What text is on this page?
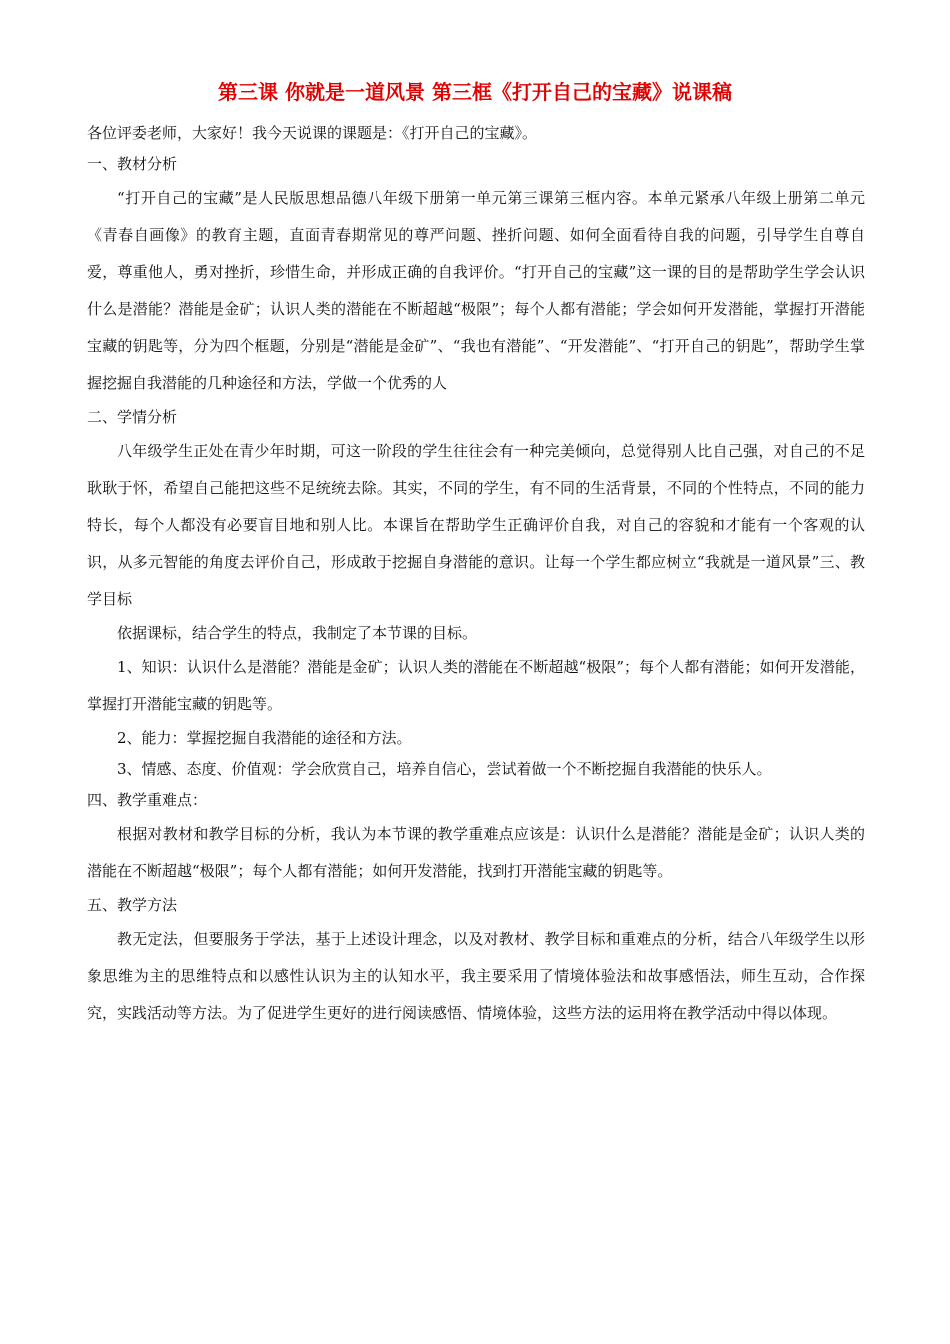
第三课 你就是一道风景 第三框《打开自己的宝藏》说课稿

各位评委老师，大家好！我今天说课的课题是：《打开自己的宝藏》。

一、教材分析

“打开自己的宝藏”是人民版思想品德八年级下册第一单元第三课第三框内容。本单元紧承八年级上册第二单元《青春自画像》的教育主题，直面青春期常见的尊严问题、挫折问题、如何全面看待自我的问题，引导学生自尊自爱，尊重他人，勇对挫折，珍惜生命，并形成正确的自我评价。“打开自己的宝藏”这一课的目的是帮助学生学会认识什么是潜能？潜能是金矿；认识人类的潜能在不断超越“极限”；每个人都有潜能；学会如何开发潜能，掌握打开潜能宝藏的钥匙等，分为四个框题，分别是“潜能是金矿”、“我也有潜能”、“开发潜能”、“打开自己的钥匙”，帮助学生掌握挖掘自我潜能的几种途径和方法，学做一个优秀的人

二、学情分析

八年级学生正处在青少年时期，可这一阶段的学生往往会有一种完美倾向，总觉得别人比自己强，对自己的不足耿耿于怀，希望自己能把这些不足统统去除。其实，不同的学生，有不同的生活背景，不同的个性特点，不同的能力特长，每个人都没有必要盲目地和别人比。本课旨在帮助学生正确评价自我，对自己的容貌和才能有一个客观的认识，从多元智能的角度去评价自己，形成敢于挖掘自身潜能的意识。让每一个学生都应树立“我就是一道风景”三、教学目标

依据课标，结合学生的特点，我制定了本节课的目标。

1、知识：认识什么是潜能？潜能是金矿；认识人类的潜能在不断超越“极限”；每个人都有潜能；如何开发潜能，掌握打开潜能宝藏的钥匙等。

2、能力：掌握挖掘自我潜能的途径和方法。

3、情感、态度、价值观：学会欣赏自己，培养自信心，尝试着做一个不断挖掘自我潜能的快乐人。

四、教学重难点：

根据对教材和教学目标的分析，我认为本节课的教学重难点应该是：认识什么是潜能？潜能是金矿；认识人类的潜能在不断超越“极限”；每个人都有潜能；如何开发潜能，找到打开潜能宝藏的钥匙等。

五、教学方法

教无定法，但要服务于学法，基于上述设计理念，以及对教材、教学目标和重难点的分析，结合八年级学生以形象思维为主的思维特点和以感性认识为主的认知水平，我主要采用了情境体验法和故事感悟法，师生互动，合作探究，实践活动等方法。为了促进学生更好的进行阅读感悟、情境体验，这些方法的运用将在教学活动中得以体现。
